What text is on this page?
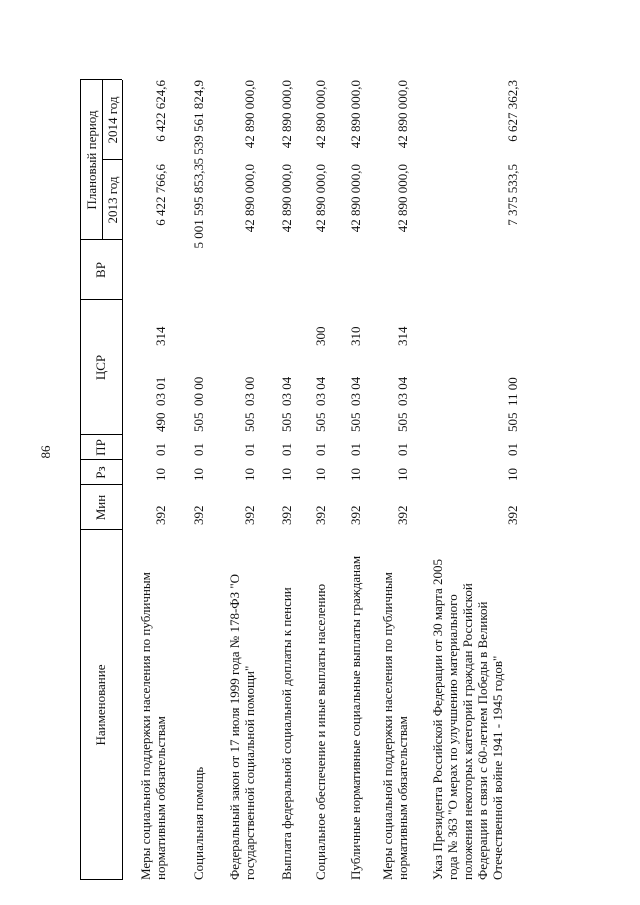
86
Наименование
Рз
Мин
ПР
ЦСР
ВР
Плановый период 2013 год
2014 год
Меры социальной поддержки населения по публичным нормативным обязательствам
392
10
01
490  03 01
314
6 422 766,6
6 422 624,6
Социальная помощь
392
10
01
505  00 00
5 001 595 853,3
5 539 561 824,9
Федеральный закон от 17 июля 1999 года № 178-ФЗ "О государственной социальной помощи"
392
10
01
505  03 00
42 890 000,0
42 890 000,0
Выплата федеральной социальной доплаты к пенсии
392
10
01
505  03 04
42 890 000,0
42 890 000,0
Социальное обеспечение и иные выплаты населению
392
10
01
505  03 04
300
42 890 000,0
42 890 000,0
Публичные нормативные социальные выплаты гражданам
392
10
01
505  03 04
310
42 890 000,0
42 890 000,0
Меры социальной поддержки населения по публичным нормативным обязательствам
392
10
01
505  03 04
314
42 890 000,0
42 890 000,0
Указ Президента Российской Федерации от 30 марта 2005 года № 363 "О мерах по улучшению материального положения некоторых категорий граждан Российской Федерации в связи с 60-летием Победы в Великой Отечественной войне 1941 - 1945 годов"
392
10
01
505  11 00
7 375 533,5
6 627 362,3
